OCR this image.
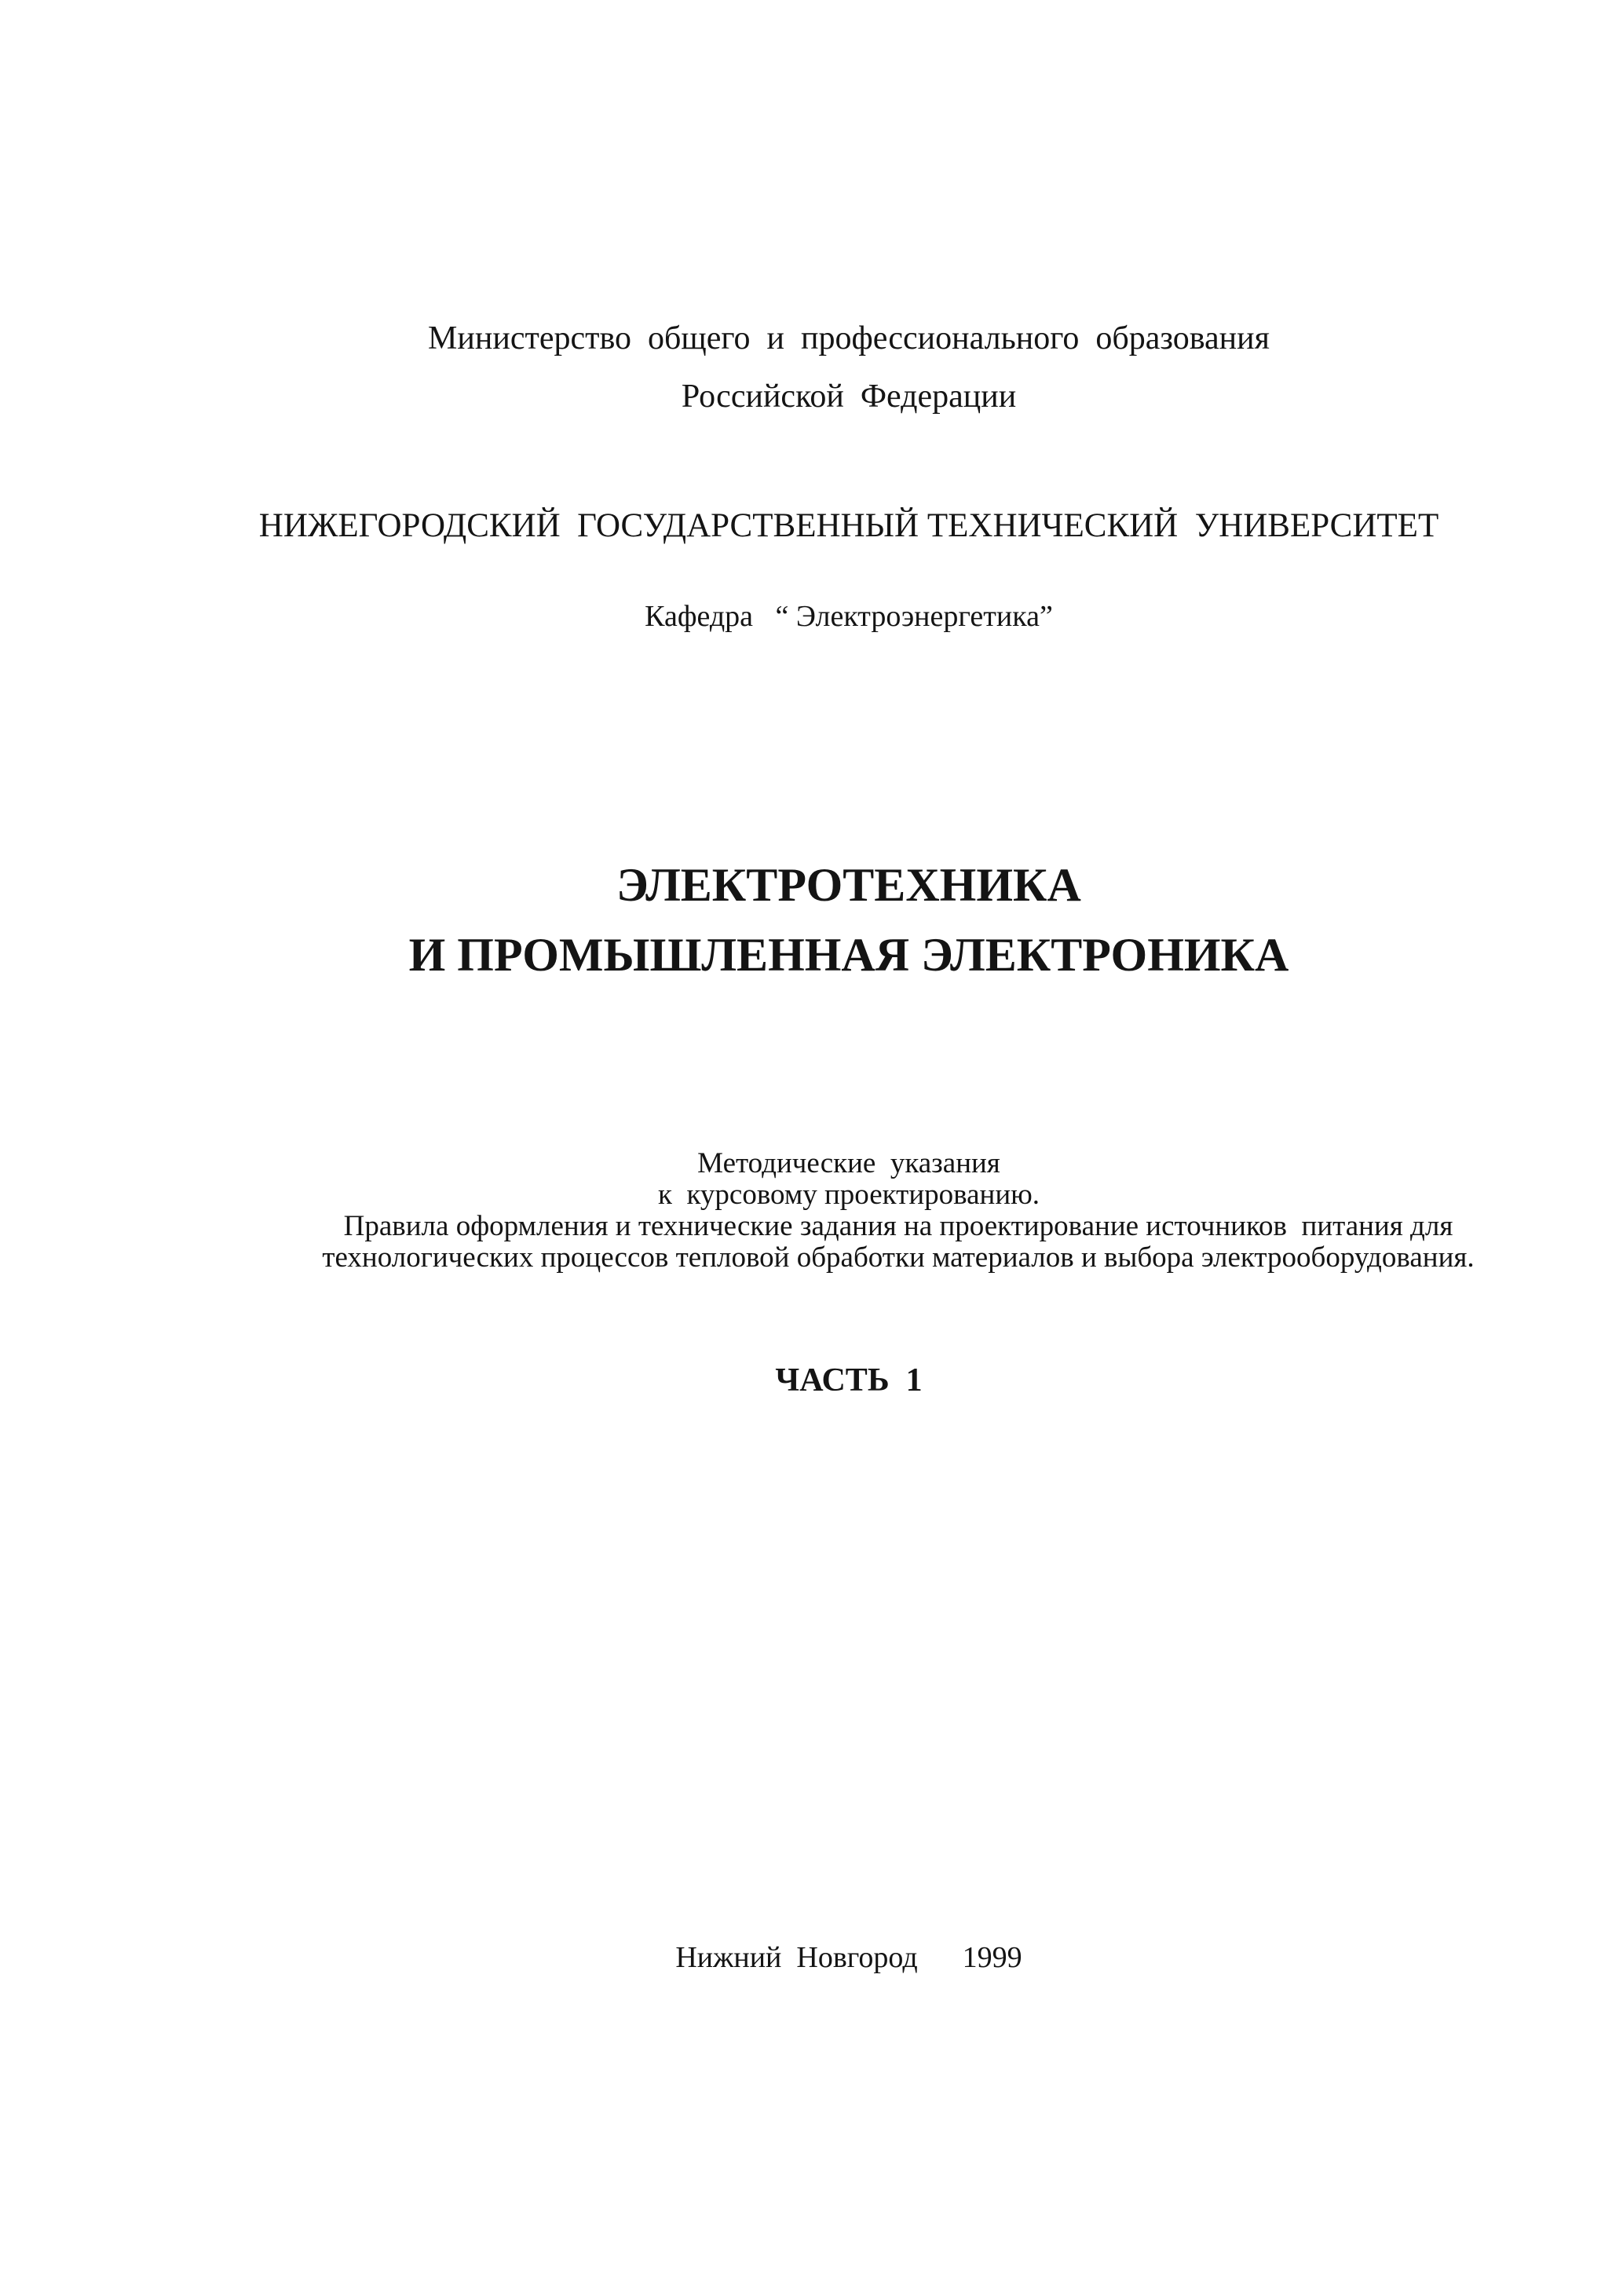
Министерство  общего  и  профессионального  образования
Российской  Федерации
НИЖЕГОРОДСКИЙ  ГОСУДАРСТВЕННЫЙ ТЕХНИЧЕСКИЙ  УНИВЕРСИТЕТ
Кафедра   “ Электроэнергетика”
ЭЛЕКТРОТЕХНИКА
И ПРОМЫШЛЕННАЯ ЭЛЕКТРОНИКА
Методические  указания
к  курсовому проектированию.
Правила оформления и технические задания на проектирование источников  питания для
технологических процессов тепловой обработки материалов и выбора электрооборудования.
ЧАСТЬ  1
Нижний  Новгород      1999
